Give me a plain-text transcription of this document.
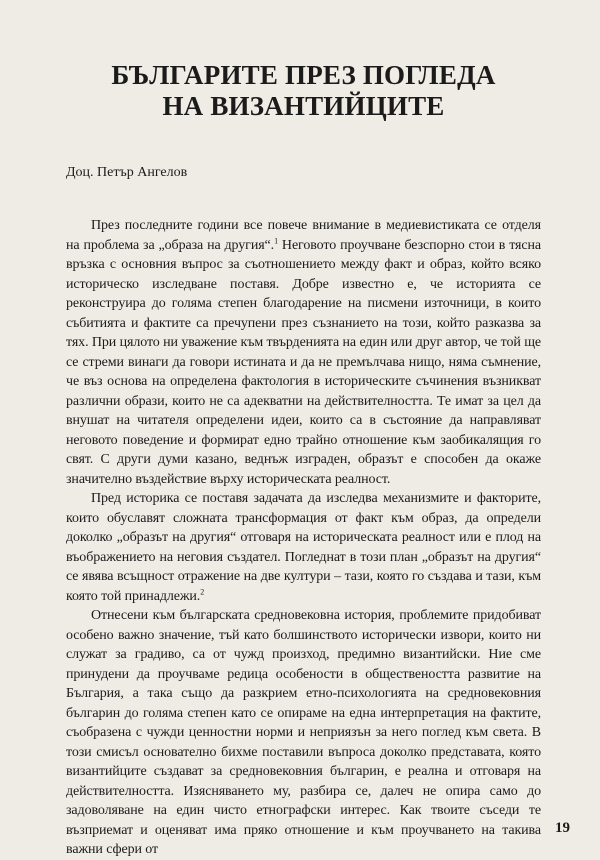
БЪЛГАРИТЕ ПРЕЗ ПОГЛЕДА
НА ВИЗАНТИЙЦИТЕ
Доц. Петър Ангелов

През последните години все повече внимание в медиевистиката се отделя на проблема за „образа на другия“.$^1$ Неговото проучване безспорно стои в тясна връзка с основния въпрос за съотношението между факт и образ, който всяко историческо изследване поставя. Добре известно е, че историята се реконструира до голяма степен благодарение на писмени източници, в които събитията и фактите са пречупени през съзнанието на този, който разказва за тях. При цялото ни уважение към твърденията на един или друг автор, че той ще се стреми винаги да говори истината и да не премълчава нищо, няма съмнение, че въз основа на определена фактология в историческите съчинения възникват различни образи, които не са адекватни на действителността. Те имат за цел да внушат на читателя определени идеи, които са в състояние да направляват неговото поведение и формират едно трайно отношение към заобикалящия го свят. С други думи казано, веднъж изграден, образът е способен да окаже значително въздействие върху историческата реалност.

Пред историка се поставя задачата да изследва механизмите и факторите, които обуславят сложната трансформация от факт към образ, да определи доколко „образът на другия“ отговаря на историческата реалност или е плод на въображението на неговия създател. Погледнат в този план „образът на другия“ се явява всъщност отражение на две култури – тази, която го създава и тази, към която той принадлежи.$^2$

Отнесени към българската средновековна история, проблемите придобиват особено важно значение, тъй като болшинството исторически извори, които ни служат за градиво, са от чужд произход, предимно византийски. Ние сме принудени да проучваме редица особености в обществеността развитие на България, а така също да разкрием етно-психологията на средновековния българин до голяма степен като се опираме на една интерпретация на фактите, съобразена с чужди ценностни норми и неприязън за него поглед към света. В този смисъл основателно бихме поставили въпроса доколко представата, която византийците създават за средновековния българин, е реална и отговаря на действителността. Изясняването му, разбира се, далеч не опира само до задоволяване на един чисто етнографски интерес. Как твоите съседи те възприемат и оценяват има пряко отношение и към проучването на такива важни сфери от

19
